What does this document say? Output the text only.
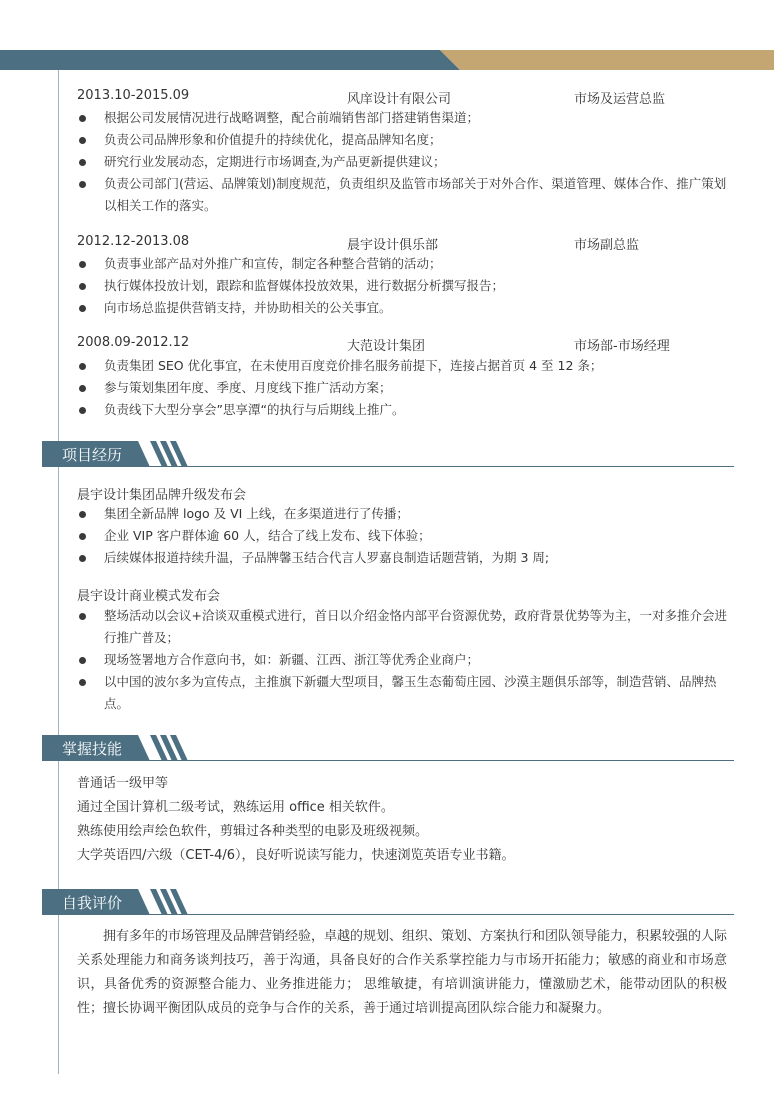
2013.10-2015.09	风庠设计有限公司	市场及运营总监
根据公司发展情况进行战略调整，配合前端销售部门搭建销售渠道；
负责公司品牌形象和价值提升的持续优化，提高品牌知名度；
研究行业发展动态，定期进行市场调查,为产品更新提供建议；
负责公司部门(营运、品牌策划)制度规范，负责组织及监管市场部关于对外合作、渠道管理、媒体合作、推广策划以相关工作的落实。
2012.12-2013.08	晨宇设计俱乐部	市场副总监
负责事业部产品对外推广和宣传，制定各种整合营销的活动；
执行媒体投放计划，跟踪和监督媒体投放效果，进行数据分析撰写报告；
向市场总监提供营销支持，并协助相关的公关事宜。
2008.09-2012.12	大范设计集团	市场部-市场经理
负责集团 SEO 优化事宜，在未使用百度竞价排名服务前提下，连接占据首页 4 至 12 条；
参与策划集团年度、季度、月度线下推广活动方案；
负责线下大型分享会”思享潭“的执行与后期线上推广。
项目经历
晨宇设计集团品牌升级发布会
集团全新品牌 logo 及 VI 上线，在多渠道进行了传播；
企业 VIP 客户群体逾 60 人，结合了线上发布、线下体验；
后续媒体报道持续升温，子品牌馨玉结合代言人罗嘉良制造话题营销，为期 3 周;
晨宇设计商业模式发布会
整场活动以会议+洽谈双重模式进行，首日以介绍金恪内部平台资源优势，政府背景优势等为主，一对多推介会进行推广普及；
现场签署地方合作意向书，如：新疆、江西、浙江等优秀企业商户；
以中国的波尔多为宣传点，主推旗下新疆大型项目，馨玉生态葡萄庄园、沙漠主题俱乐部等，制造营销、品牌热点。
掌握技能
普通话一级甲等
通过全国计算机二级考试，熟练运用 office 相关软件。
熟练使用绘声绘色软件，剪辑过各种类型的电影及班级视频。
大学英语四/六级（CET-4/6），良好听说读写能力，快速浏览英语专业书籍。
自我评价
拥有多年的市场管理及品牌营销经验，卓越的规划、组织、策划、方案执行和团队领导能力，积累较强的人际关系处理能力和商务谈判技巧，善于沟通，具备良好的合作关系掌控能力与市场开拓能力；敏感的商业和市场意识，具备优秀的资源整合能力、业务推进能力； 思维敏捷，有培训演讲能力，懂激励艺术，能带动团队的积极性；擅长协调平衡团队成员的竞争与合作的关系，善于通过培训提高团队综合能力和凝聚力。
